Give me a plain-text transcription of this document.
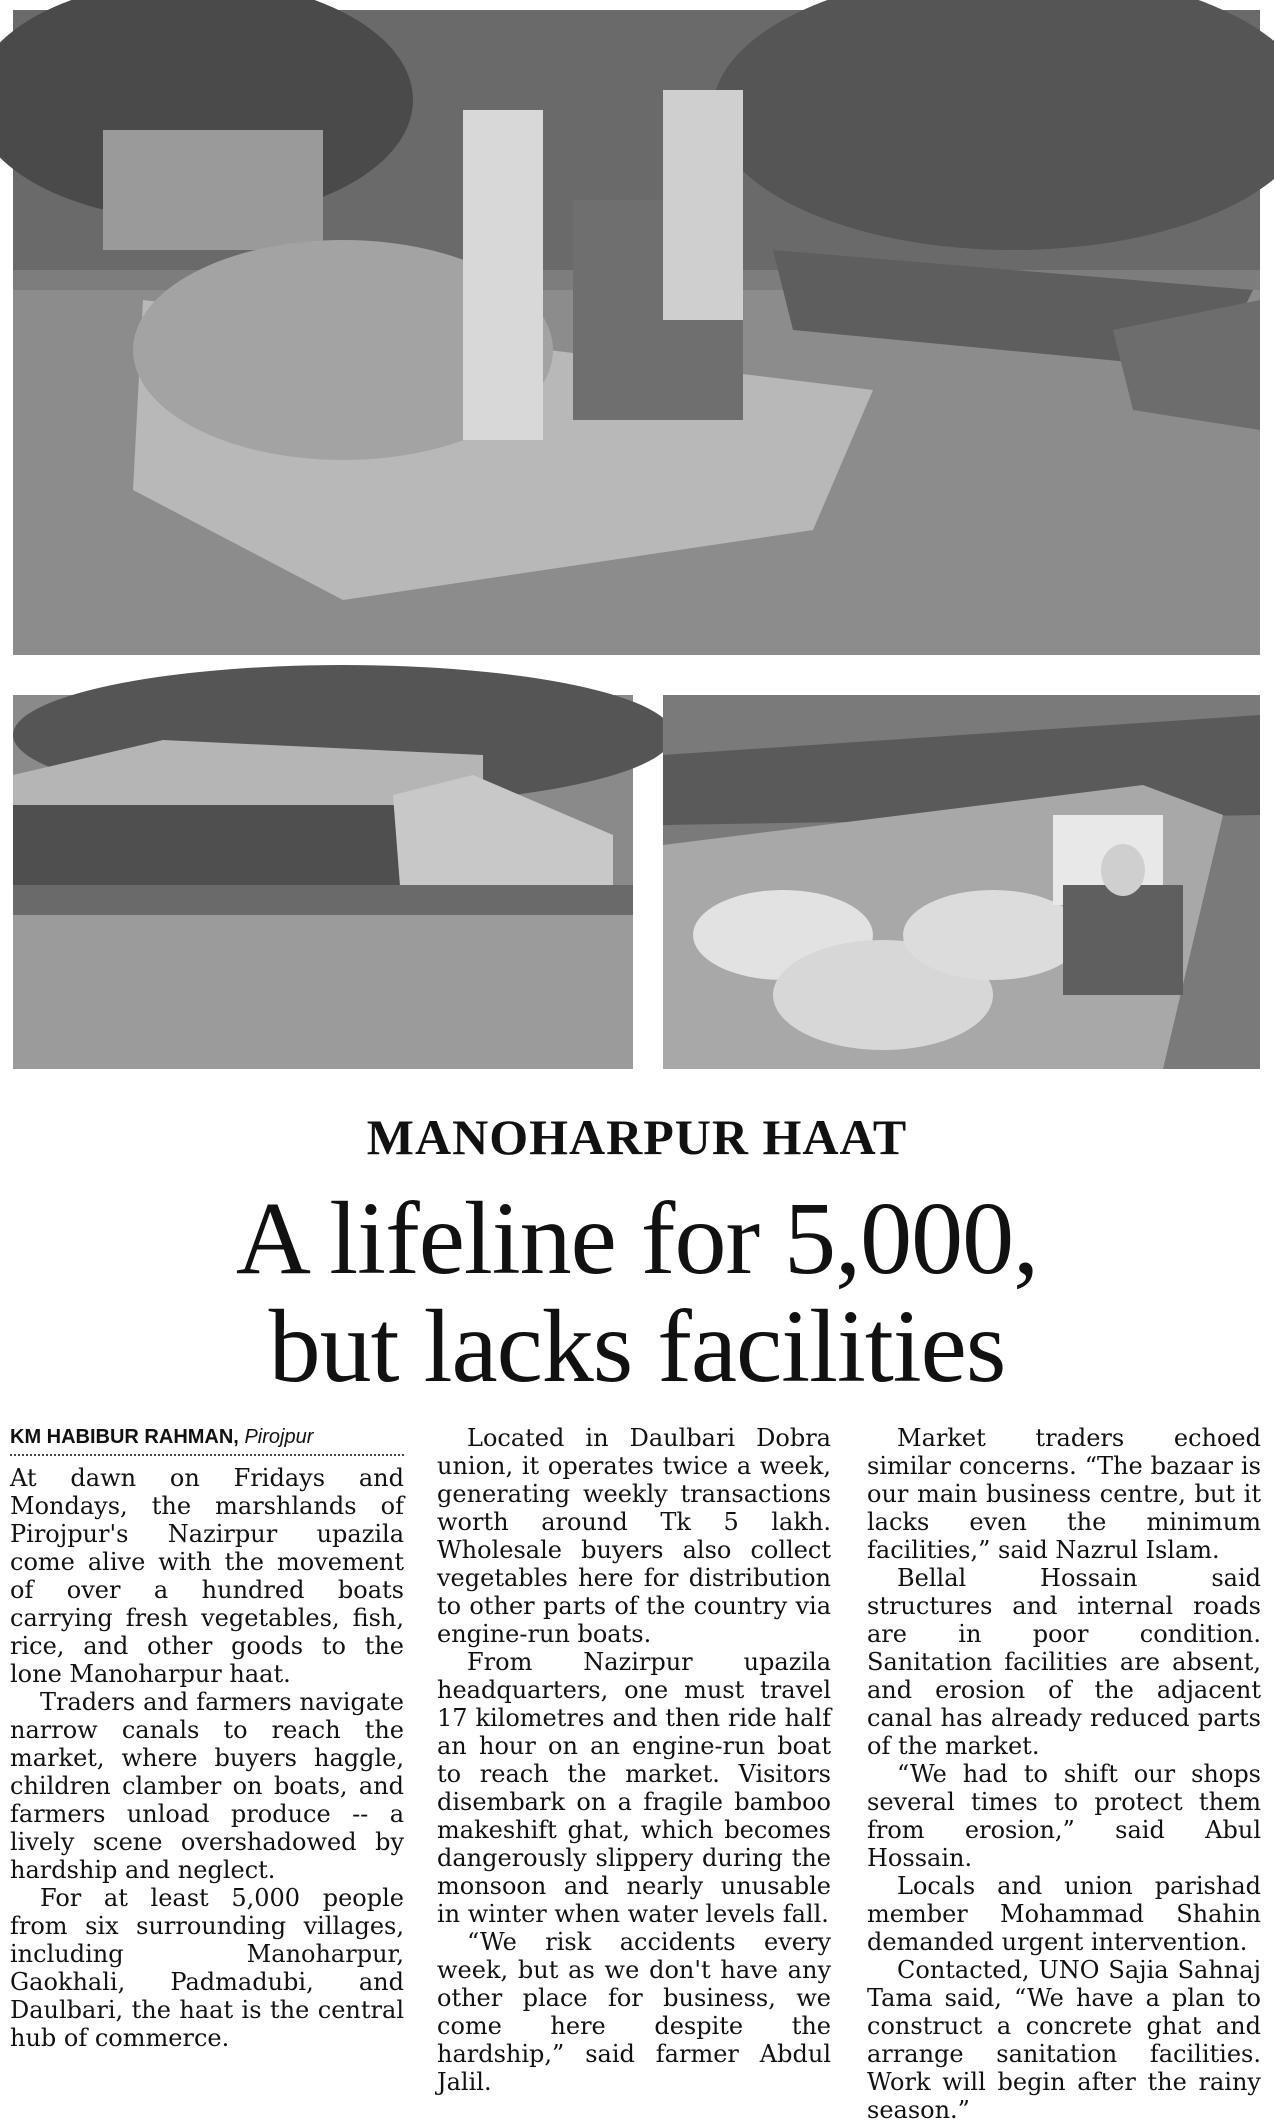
MANOHARPUR HAAT
A lifeline for 5,000,
but lacks facilities
KM HABIBUR RAHMAN, Pirojpur

At dawn on Fridays and Mondays, the marshlands of Pirojpur's Nazirpur upazila come alive with the movement of over a hundred boats carrying fresh vegetables, fish, rice, and other goods to the lone Manoharpur haat.

Traders and farmers navigate narrow canals to reach the market, where buyers haggle, children clamber on boats, and farmers unload produce -- a lively scene overshadowed by hardship and neglect.

For at least 5,000 people from six surrounding villages, including Manoharpur, Gaokhali, Padmadubi, and Daulbari, the haat is the central hub of commerce.

Located in Daulbari Dobra union, it operates twice a week, generating weekly transactions worth around Tk 5 lakh. Wholesale buyers also collect vegetables here for distribution to other parts of the country via engine-run boats.

From Nazirpur upazila headquarters, one must travel 17 kilometres and then ride half an hour on an engine-run boat to reach the market. Visitors disembark on a fragile bamboo makeshift ghat, which becomes dangerously slippery during the monsoon and nearly unusable in winter when water levels fall.

“We risk accidents every week, but as we don't have any other place for business, we come here despite the hardship,” said farmer Abdul Jalil.

Market traders echoed similar concerns. “The bazaar is our main business centre, but it lacks even the minimum facilities,” said Nazrul Islam.

Bellal Hossain said structures and internal roads are in poor condition. Sanitation facilities are absent, and erosion of the adjacent canal has already reduced parts of the market.

“We had to shift our shops several times to protect them from erosion,” said Abul Hossain.

Locals and union parishad member Mohammad Shahin demanded urgent intervention.

Contacted, UNO Sajia Sahnaj Tama said, “We have a plan to construct a concrete ghat and arrange sanitation facilities. Work will begin after the rainy season.”
